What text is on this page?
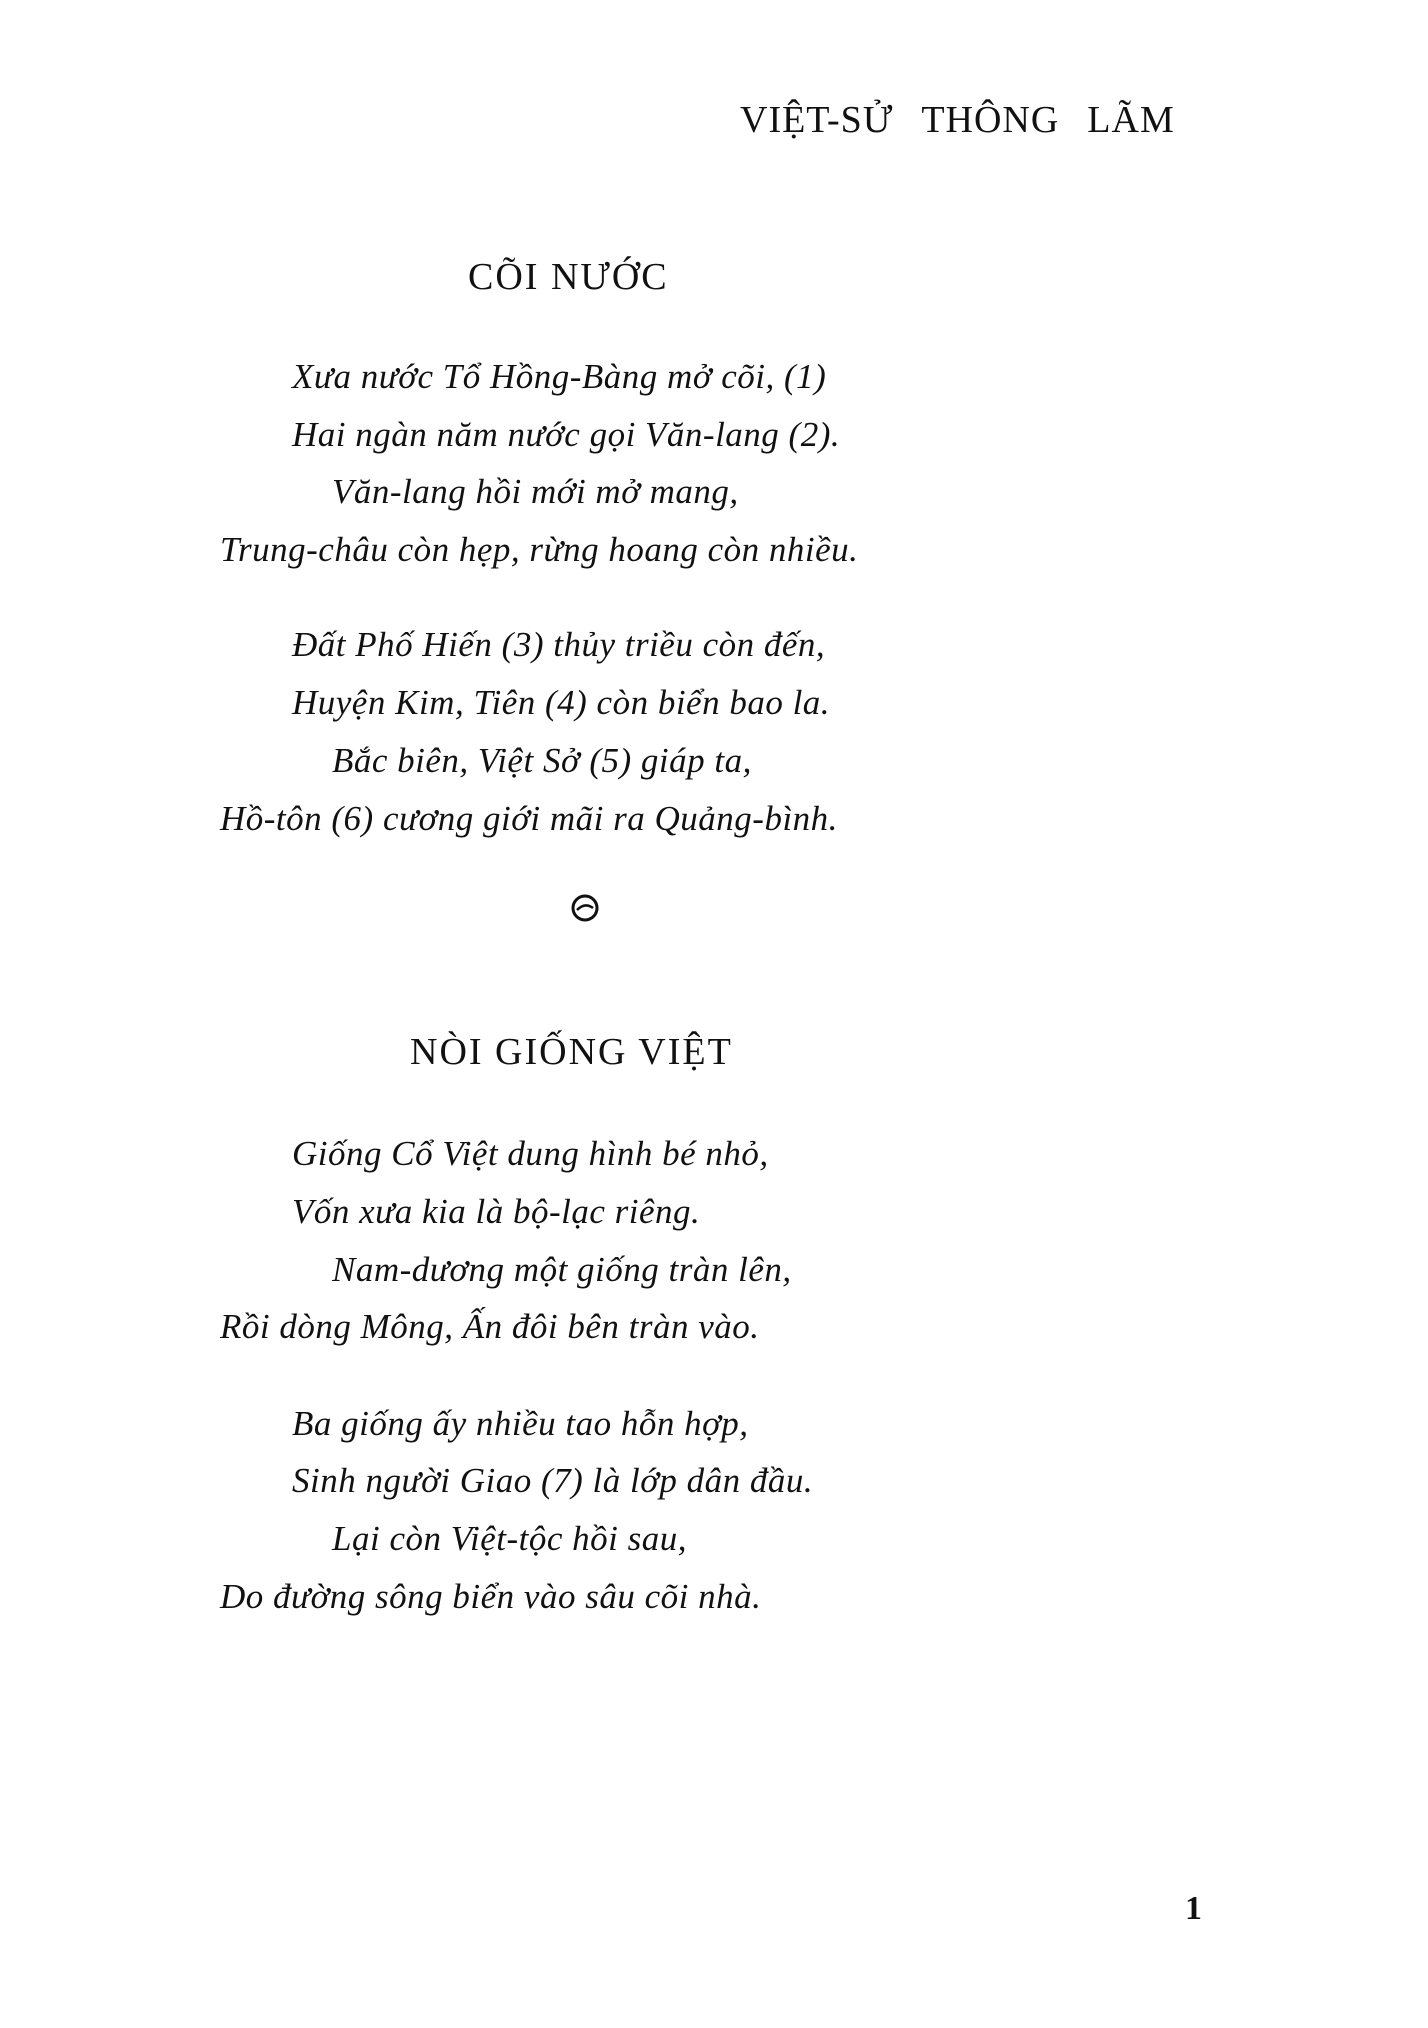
VIỆT-SỬ THÔNG LÃM
CÕI NƯỚC
Xưa nước Tổ Hồng-Bàng mở cõi, (1)
Hai ngàn năm nước gọi Văn-lang (2).
Văn-lang hồi mới mở mang,
Trung-châu còn hẹp, rừng hoang còn nhiều.
Đất Phố Hiến (3) thủy triều còn đến,
Huyện Kim, Tiên (4) còn biển bao la.
Bắc biên, Việt Sở (5) giáp ta,
Hồ-tôn (6) cương giới mãi ra Quảng-bình.
NÒI GIỐNG VIỆT
Giống Cổ Việt dung hình bé nhỏ,
Vốn xưa kia là bộ-lạc riêng.
Nam-dương một giống tràn lên,
Rồi dòng Mông, Ấn đôi bên tràn vào.
Ba giống ấy nhiều tao hỗn hợp,
Sinh người Giao (7) là lớp dân đầu.
Lại còn Việt-tộc hồi sau,
Do đường sông biển vào sâu cõi nhà.
1
